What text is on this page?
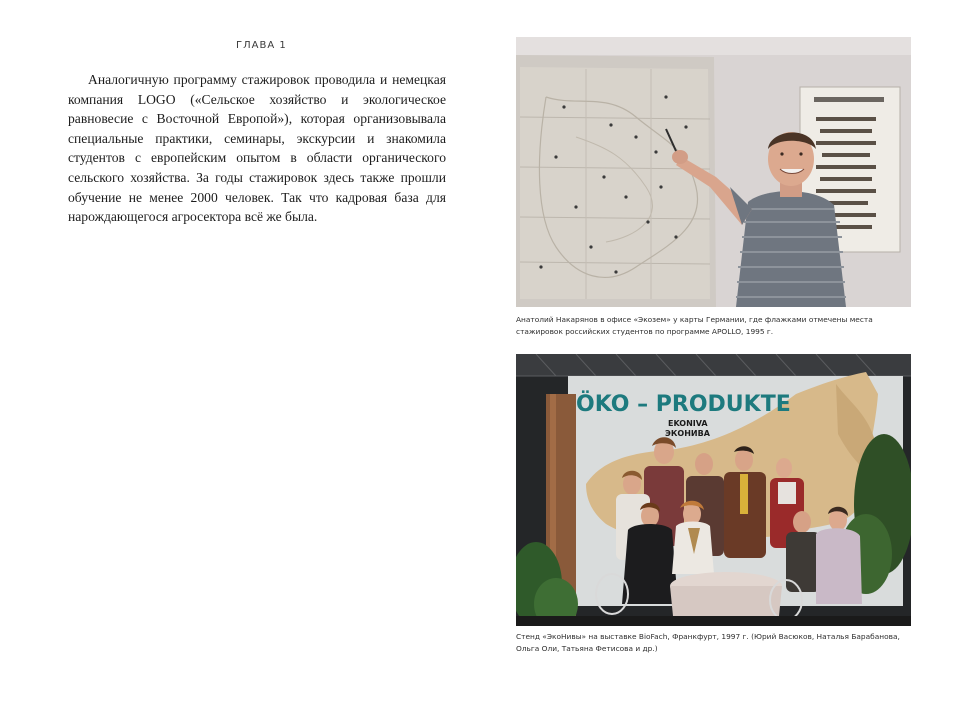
ГЛАВА 1

Аналогичную программу стажировок проводила и немецкая компания LOGO («Сельское хозяйство и экологическое равновесие с Восточной Европой»), которая организовывала специальные практики, семинары, экскурсии и знакомила студентов с европейским опытом в области органического сельского хозяйства. За годы стажировок здесь также прошли обучение не менее 2000 человек. Так что кадровая база для нарождающегося агросектора всё же была.

Анатолий Накарянов в офисе «Экозем» у карты Германии, где флажками отмечены места стажировок российских студентов по программе APOLLO, 1995 г.

ÖKO – PRODUKTE
EKONIVA
ЭКОНИВА

Стенд «ЭкоНивы» на выставке BioFach, Франкфурт, 1997 г. (Юрий Васюков, Наталья Барабанова, Ольга Оли, Татьяна Фетисова и др.)
